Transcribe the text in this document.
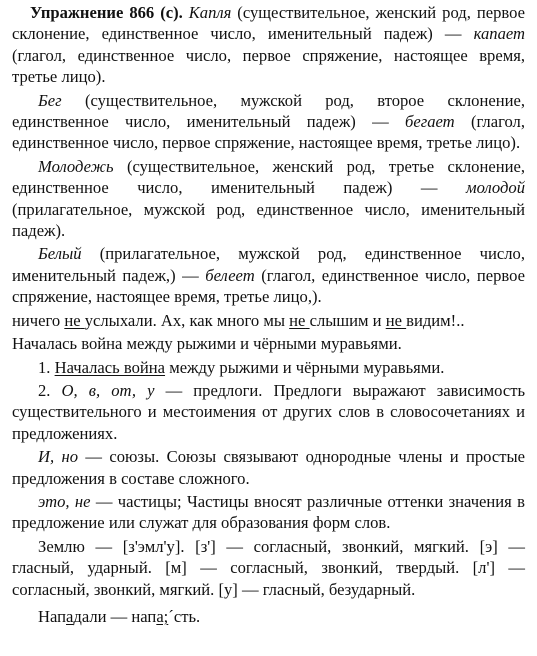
Упражнение 866 (с). Капля (существительное, женский род, первое склонение, единственное число, именительный падеж) — капает (глагол, единственное число, первое спряжение, настоящее время, третье лицо).

Бег (существительное, мужской род, второе склонение, единственное число, именительный падеж) — бегает (глагол, единственное число, первое спряжение, настоящее время, третье лицо).

Молодежь (существительное, женский род, третье склонение, единственное число, именительный падеж) — молодой (прилагательное, мужской род, единственное число, именительный падеж).

Белый (прилагательное, мужской род, единственное число, именительный падеж,) — белеет (глагол, единственное число, первое спряжение, настоящее время, третье лицо,).

ничего не услыхали. Ах, как много мы не слышим и не видим!..

Началась война между рыжими и чёрными муравьями.

1. Началась война между рыжими и чёрными муравьями.

2. О, в, от, у — предлоги. Предлоги выражают зависимость существительного и местоимения от других слов в словосочетаниях и предложениях.

И, но — союзы. Союзы связывают однородные члены и простые предложения в составе сложного.

это, не — частицы; Частицы вносят различные оттенки значения в предложение или служат для образования форм слов.

Землю — [з'эмл'у]. [з'] — согласный, звонкий, мягкий. [э] — гласный, ударный. [м] — согласный, звонкий, твердый. [л'] — согласный, звонкий, мягкий. [у] — гласный, безударный.

Нападали — напа;´сть.
